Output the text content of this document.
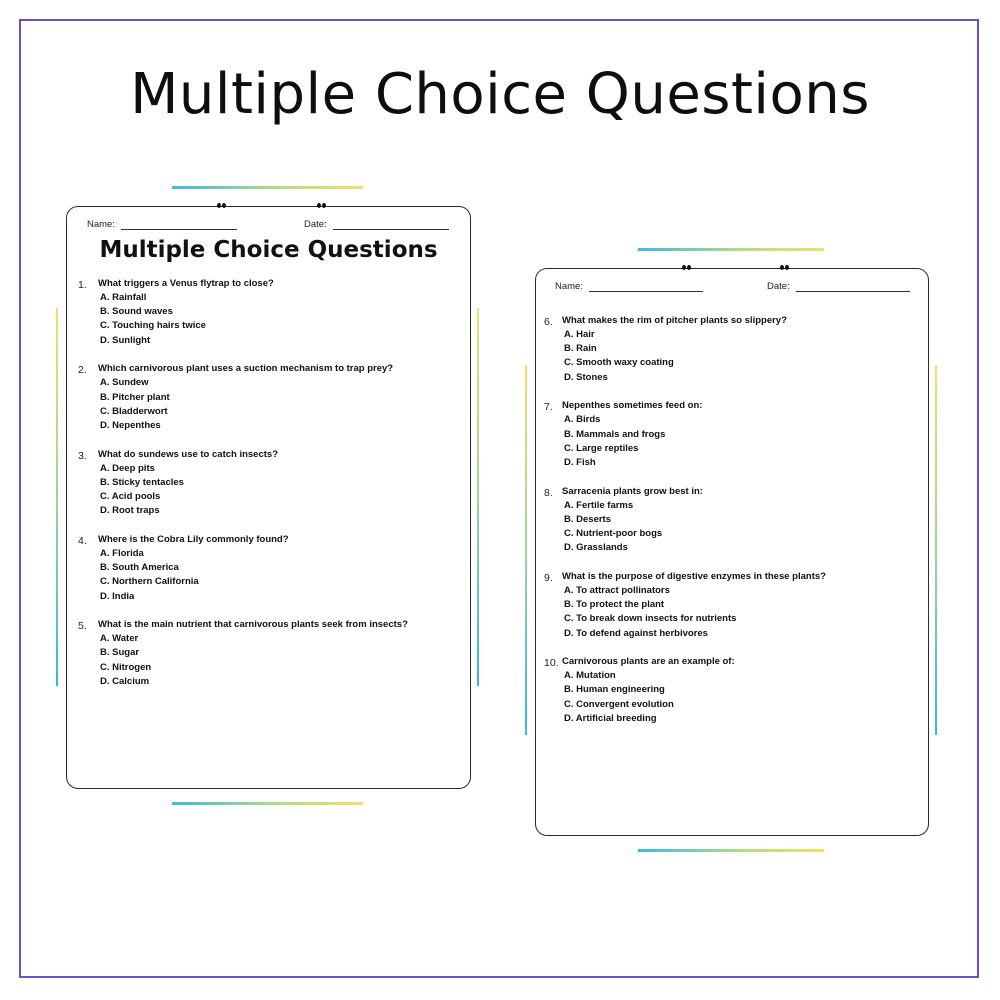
Multiple Choice Questions
Name:	Date:
Multiple Choice Questions
1. What triggers a Venus flytrap to close?
A. Rainfall
B. Sound waves
C. Touching hairs twice
D. Sunlight
2. Which carnivorous plant uses a suction mechanism to trap prey?
A. Sundew
B. Pitcher plant
C. Bladderwort
D. Nepenthes
3. What do sundews use to catch insects?
A. Deep pits
B. Sticky tentacles
C. Acid pools
D. Root traps
4. Where is the Cobra Lily commonly found?
A. Florida
B. South America
C. Northern California
D. India
5. What is the main nutrient that carnivorous plants seek from insects?
A. Water
B. Sugar
C. Nitrogen
D. Calcium
Name:	Date:
6. What makes the rim of pitcher plants so slippery?
A. Hair
B. Rain
C. Smooth waxy coating
D. Stones
7. Nepenthes sometimes feed on:
A. Birds
B. Mammals and frogs
C. Large reptiles
D. Fish
8. Sarracenia plants grow best in:
A. Fertile farms
B. Deserts
C. Nutrient-poor bogs
D. Grasslands
9. What is the purpose of digestive enzymes in these plants?
A. To attract pollinators
B. To protect the plant
C. To break down insects for nutrients
D. To defend against herbivores
10. Carnivorous plants are an example of:
A. Mutation
B. Human engineering
C. Convergent evolution
D. Artificial breeding
